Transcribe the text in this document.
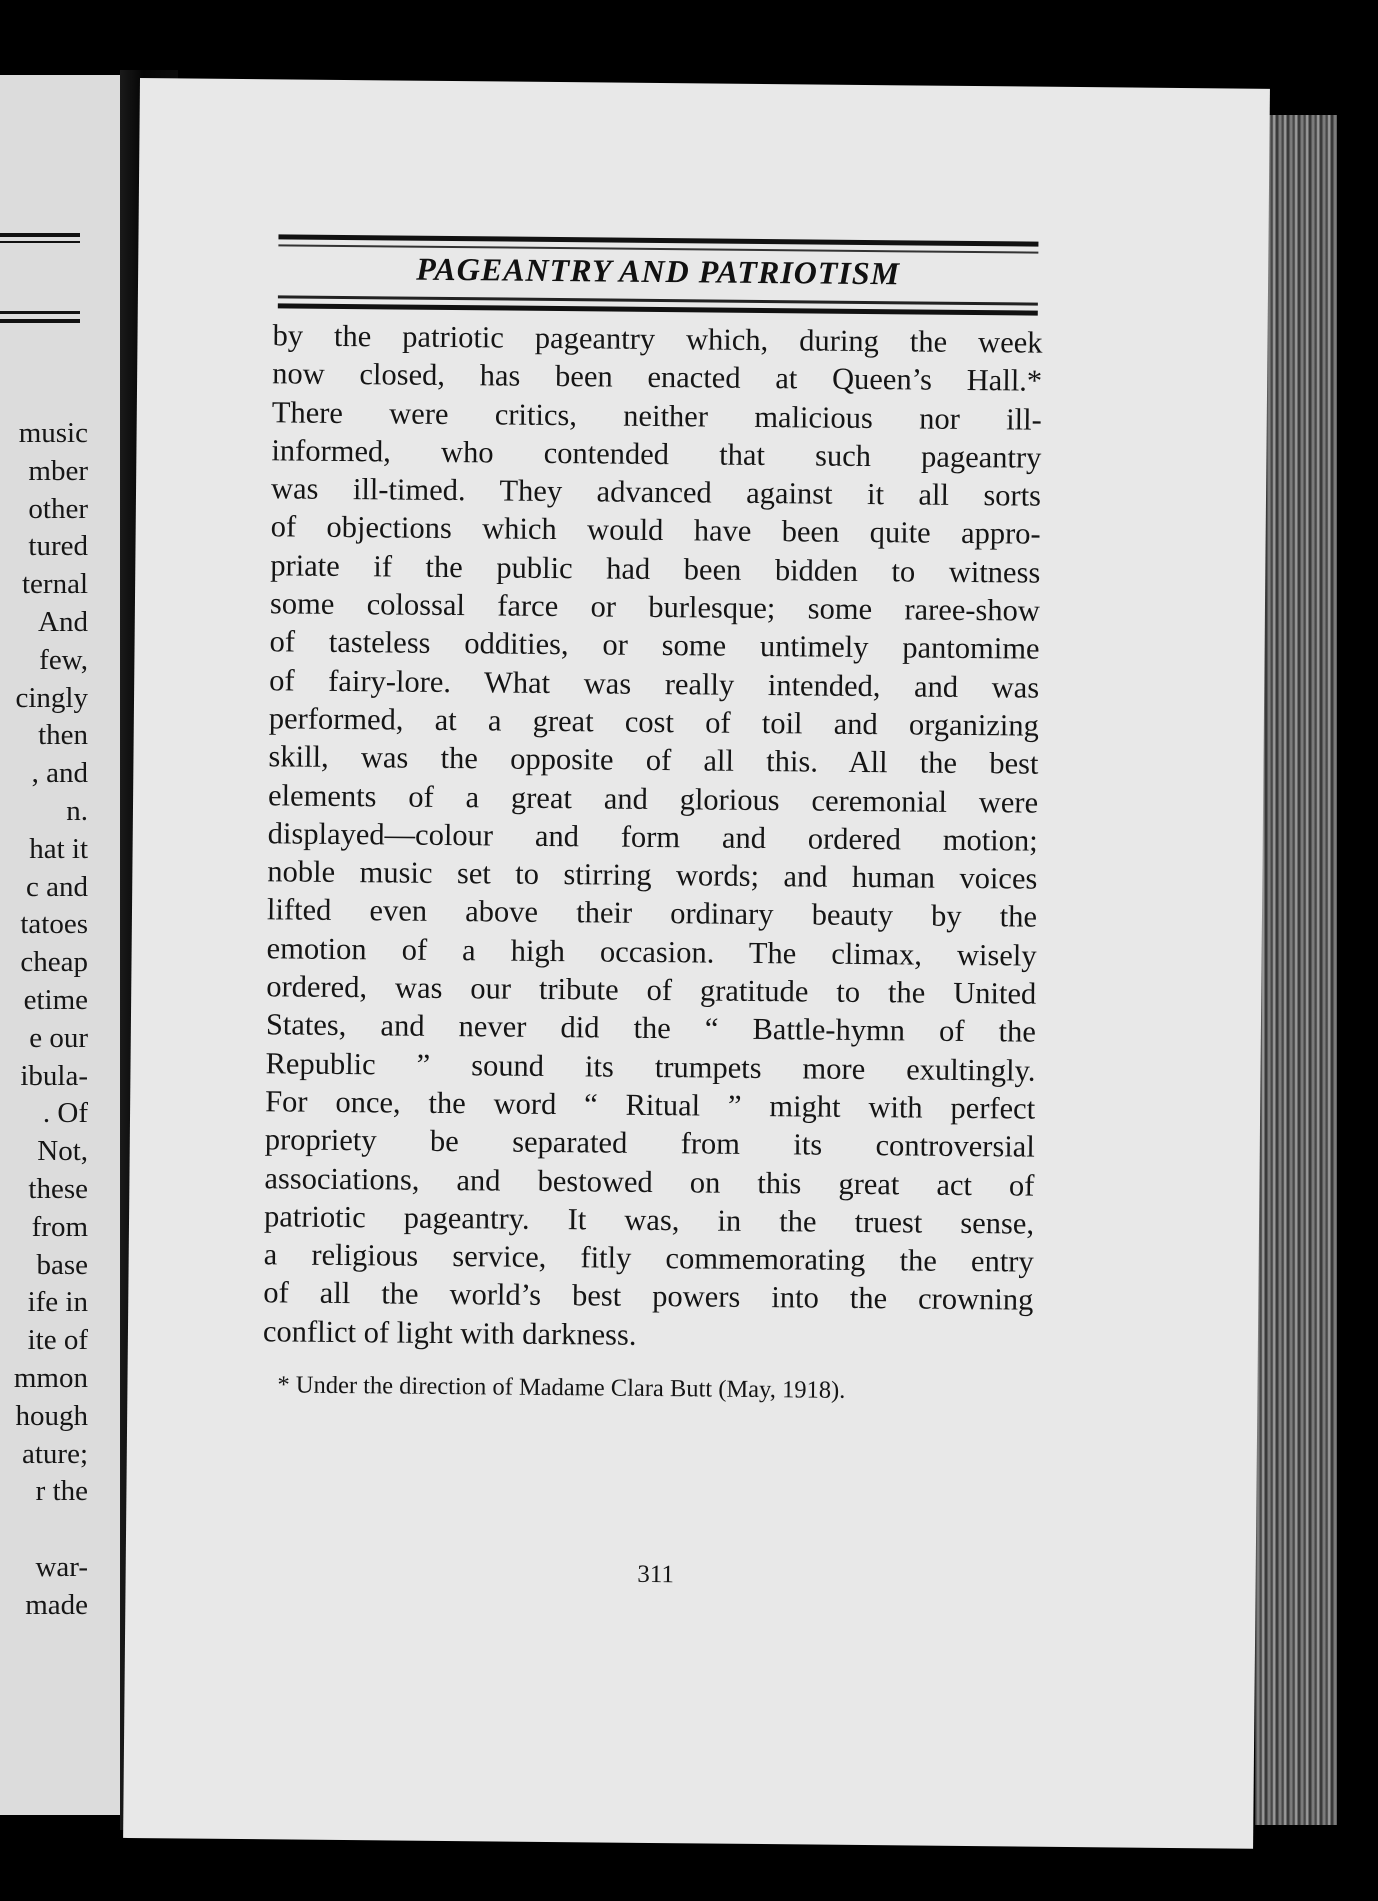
music
mber
other
tured
ternal
And
few,
cingly
then
, and
n.
hat it
c and
tatoes
cheap
etime
e our
ibula-
. Of
Not,
these
from
base
ife in
ite of
mmon
hough
ature;
r the

war-
made
PAGEANTRY AND PATRIOTISM
by the patriotic pageantry which, during the week
now closed, has been enacted at Queen’s Hall.*
There were critics, neither malicious nor ill-
informed, who contended that such pageantry
was ill-timed. They advanced against it all sorts
of objections which would have been quite appro-
priate if the public had been bidden to witness
some colossal farce or burlesque; some raree-show
of tasteless oddities, or some untimely pantomime
of fairy-lore. What was really intended, and was
performed, at a great cost of toil and organizing
skill, was the opposite of all this. All the best
elements of a great and glorious ceremonial were
displayed—colour and form and ordered motion;
noble music set to stirring words; and human voices
lifted even above their ordinary beauty by the
emotion of a high occasion. The climax, wisely
ordered, was our tribute of gratitude to the United
States, and never did the “ Battle-hymn of the
Republic ” sound its trumpets more exultingly.
For once, the word “ Ritual ” might with perfect
propriety be separated from its controversial
associations, and bestowed on this great act of
patriotic pageantry. It was, in the truest sense,
a religious service, fitly commemorating the entry
of all the world’s best powers into the crowning
conflict of light with darkness.
* Under the direction of Madame Clara Butt (May, 1918).
311
